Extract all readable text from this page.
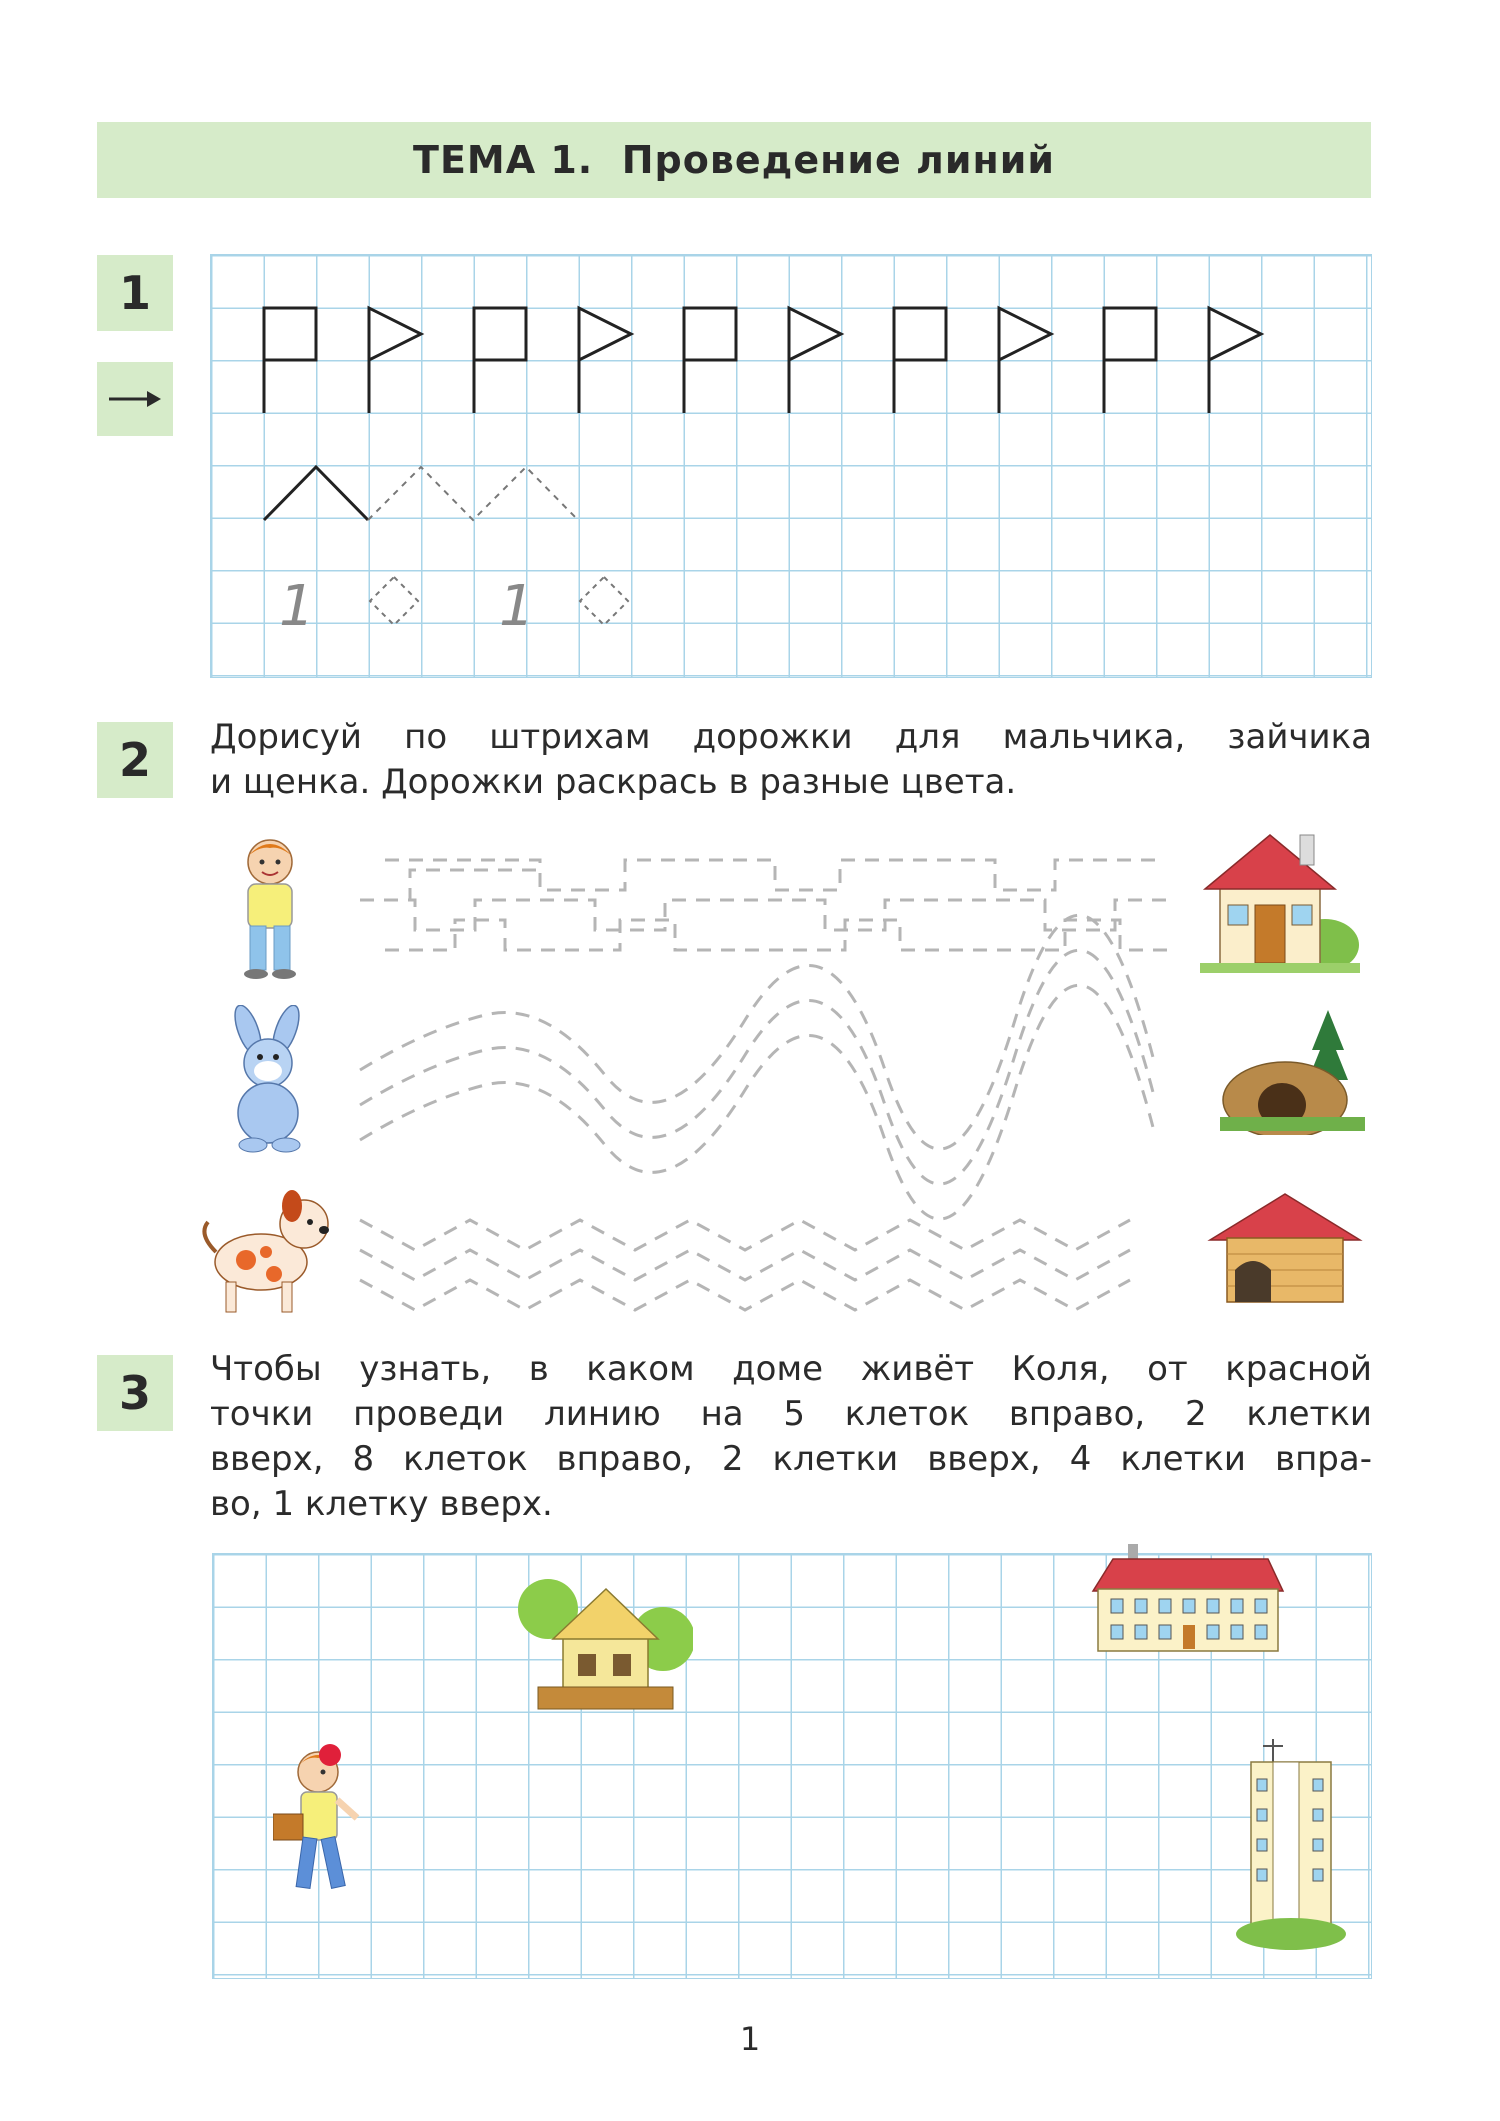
ТЕМА 1.
Проведение линий
1
1	1
2	Дорисуй по штрихам дорожки для мальчика, зайчика
и щенка. Дорожки раскрась в разные цвета.
3	Чтобы узнать, в каком доме живёт Коля, от красной
точки проведи линию на 5 клеток вправо, 2 клетки
вверх, 8 клеток вправо, 2 клетки вверх, 4 клетки впра-
во, 1 клетку вверх.
1
